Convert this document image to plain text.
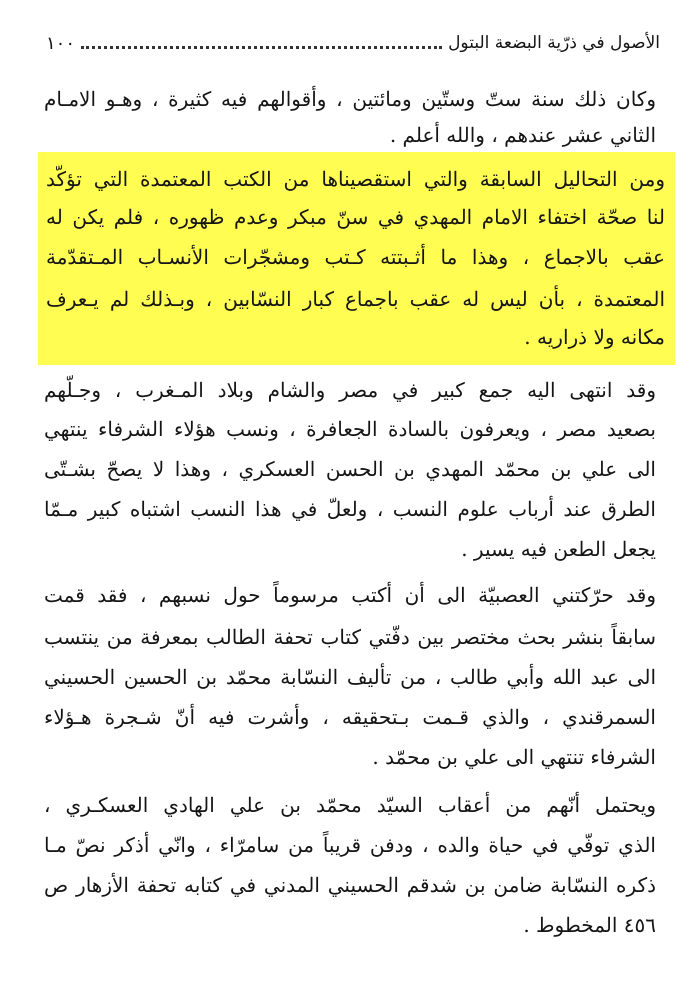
الأصول في ذرّية البضعة البتول
١٠٠
وكان ذلك سنة ستّ وستّين ومائتين ، وأقوالهم فيه كثيرة ، وهـو الامـام
الثاني عشر عندهم ، والله أعلم .
ومن التحاليل السابقة والتي استقصيناها من الكتب المعتمدة التي تؤكّد
لنا صحّة اختفاء الامام المهدي في سنّ مبكر وعدم ظهوره ، فلم يكن له
عقب بالاجماع ، وهذا ما أثـبتته كـتب ومشجّرات الأنسـاب المـتقدّمة
المعتمدة ، بأن ليس له عقب باجماع كبار النسّابين ، وبـذلك لم يـعرف
مكانه ولا ذراريه .
وقد انتهى اليه جمع كبير في مصر والشام وبلاد المـغرب ، وجـلّهم
بصعيد مصر ، ويعرفون بالسادة الجعافرة ، ونسب هؤلاء الشرفاء ينتهي
الى علي بن محمّد المهدي بن الحسن العسكري ، وهذا لا يصحّ بشـتّى
الطرق عند أرباب علوم النسب ، ولعلّ في هذا النسب اشتباه كبير مـمّا
يجعل الطعن فيه يسير .
وقد حرّكتني العصبيّة الى أن أكتب مرسوماً حول نسبهم ، فقد قمت
سابقاً بنشر بحث مختصر بين دفّتي كتاب تحفة الطالب بمعرفة من ينتسب
الى عبد الله وأبي طالب ، من تأليف النسّابة محمّد بن الحسين الحسيني
السمرقندي ، والذي قـمت بـتحقيقه ، وأشرت فيه أنّ شـجرة هـؤلاء
الشرفاء تنتهي الى علي بن محمّد .
ويحتمل أنّهم من أعقاب السيّد محمّد بن علي الهادي العسكـري ،
الذي توفّي في حياة والده ، ودفن قريباً من سامرّاء ، وانّي أذكر نصّ مـا
ذكره النسّابة ضامن بن شدقم الحسيني المدني في كتابه تحفة الأزهار ص
٤٥٦ المخطوط .
